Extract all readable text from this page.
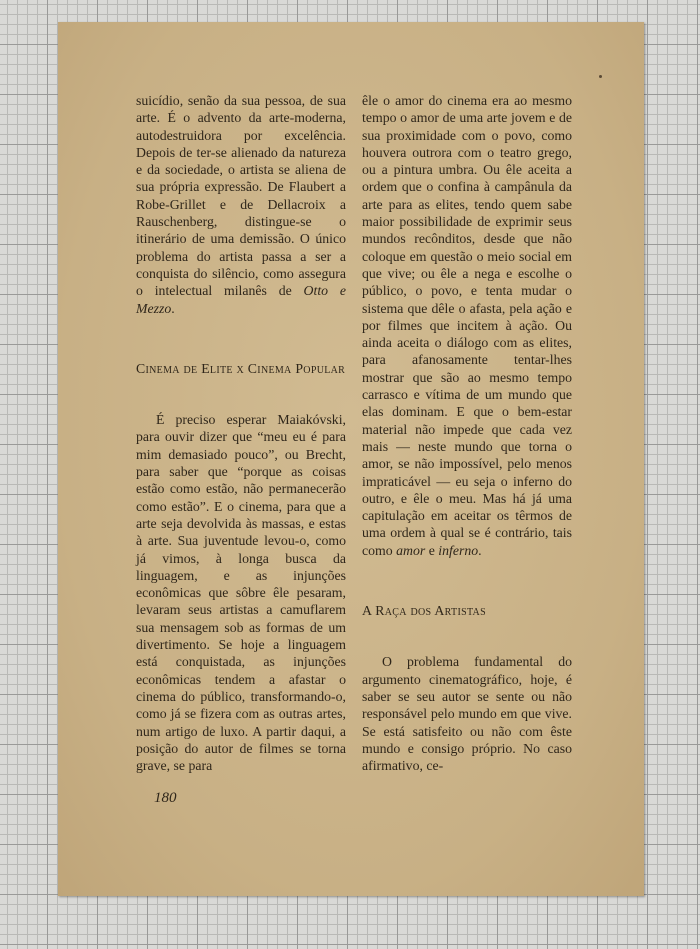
suicídio, senão da sua pessoa, de sua arte. É o advento da arte-moderna, autodestruidora por excelência. Depois de ter-se alienado da natureza e da sociedade, o artista se aliena de sua própria expressão. De Flaubert a Robe-Grillet e de Dellacroix a Rauschenberg, distingue-se o itinerário de uma demissão. O único problema do artista passa a ser a conquista do silêncio, como assegura o intelectual milanês de Otto e Mezzo.

Cinema de Elite x Cinema Popular

É preciso esperar Maiakóvski, para ouvir dizer que “meu eu é para mim demasiado pouco”, ou Brecht, para saber que “porque as coisas estão como estão, não permanecerão como estão”. E o cinema, para que a arte seja devolvida às massas, e estas à arte. Sua juventude levou-o, como já vimos, à longa busca da linguagem, e as injunções econômicas que sôbre êle pesaram, levaram seus artistas a camuflarem sua mensagem sob as formas de um divertimento. Se hoje a linguagem está conquistada, as injunções econômicas tendem a afastar o cinema do público, transformando-o, como já se fizera com as outras artes, num artigo de luxo. A partir daqui, a posição do autor de filmes se torna grave, se para

êle o amor do cinema era ao mesmo tempo o amor de uma arte jovem e de sua proximidade com o povo, como houvera outrora com o teatro grego, ou a pintura umbra. Ou êle aceita a ordem que o confina à campânula da arte para as elites, tendo quem sabe maior possibilidade de exprimir seus mundos recônditos, desde que não coloque em questão o meio social em que vive; ou êle a nega e escolhe o público, o povo, e tenta mudar o sistema que dêle o afasta, pela ação e por filmes que incitem à ação. Ou ainda aceita o diálogo com as elites, para afanosamente tentar-lhes mostrar que são ao mesmo tempo carrasco e vítima de um mundo que elas dominam. E que o bem-estar material não impede que cada vez mais — neste mundo que torna o amor, se não impossível, pelo menos impraticável — eu seja o inferno do outro, e êle o meu. Mas há já uma capitulação em aceitar os têrmos de uma ordem à qual se é contrário, tais como amor e inferno.

A Raça dos Artistas

O problema fundamental do argumento cinematográfico, hoje, é saber se seu autor se sente ou não responsável pelo mundo em que vive. Se está satisfeito ou não com êste mundo e consigo próprio. No caso afirmativo, ce-

180
